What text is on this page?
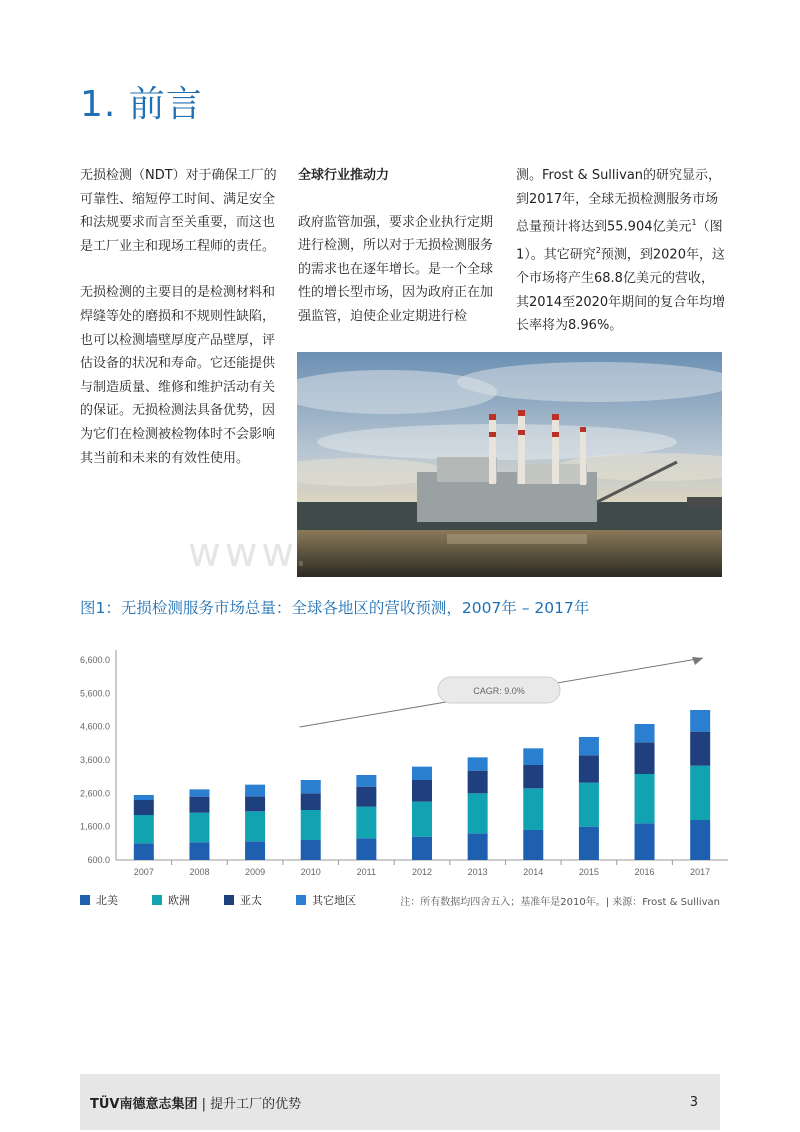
1. 前言

无损检测（NDT）对于确保工厂的可靠性、缩短停工时间、满足安全和法规要求而言至关重要，而这也是工厂业主和现场工程师的责任。

无损检测的主要目的是检测材料和焊缝等处的磨损和不规则性缺陷，也可以检测墙壁厚度产品壁厚，评估设备的状况和寿命。它还能提供与制造质量、维修和维护活动有关的保证。无损检测法具备优势，因为它们在检测被检物体时不会影响其当前和未来的有效性使用。

全球行业推动力

政府监管加强，要求企业执行定期进行检测，所以对于无损检测服务的需求也在逐年增长。是一个全球性的增长型市场，因为政府正在加强监管，迫使企业定期进行检

测。Frost & Sullivan的研究显示，到2017年，全球无损检测服务市场总量预计将达到55.904亿美元$^1$（图1）。其它研究$^2$预测，到2020年，这个市场将产生68.8亿美元的营收，其2014至2020年期间的复合年均增长率将为8.96%。

www.
图1：无损检测服务市场总量：全球各地区的营收预测，2007年 – 2017年
6,600.0
5,600.0
4,600.0
3,600.0
2,600.0
1,600.0
600.0
2007	2008	2009	2010	2011	2012	2013	2014	2015	2016	2017
CAGR: 9.0%
北美	欧洲	亚太	其它地区	注：所有数据均四舍五入；基准年是2010年。| 来源：Frost & Sullivan
TÜV南德意志集团 | 提升工厂的优势	3
